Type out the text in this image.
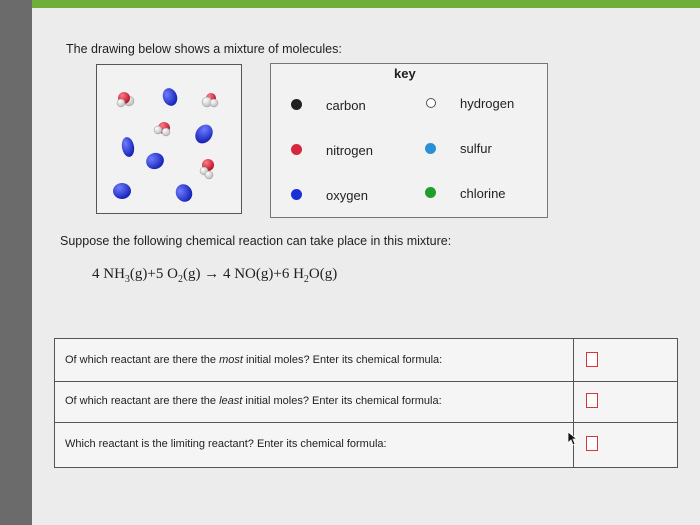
The drawing below shows a mixture of molecules:
key
carbon	hydrogen
nitrogen	sulfur
oxygen	chlorine
Suppose the following chemical reaction can take place in this mixture:
4 $NH_3(g)+5$ $O_2(g) \to 4$ NO(g)+6 $H_2O(g)$
Of which reactant are there the most initial moles? Enter its chemical formula:
Of which reactant are there the least initial moles? Enter its chemical formula:
Which reactant is the limiting reactant? Enter its chemical formula:
